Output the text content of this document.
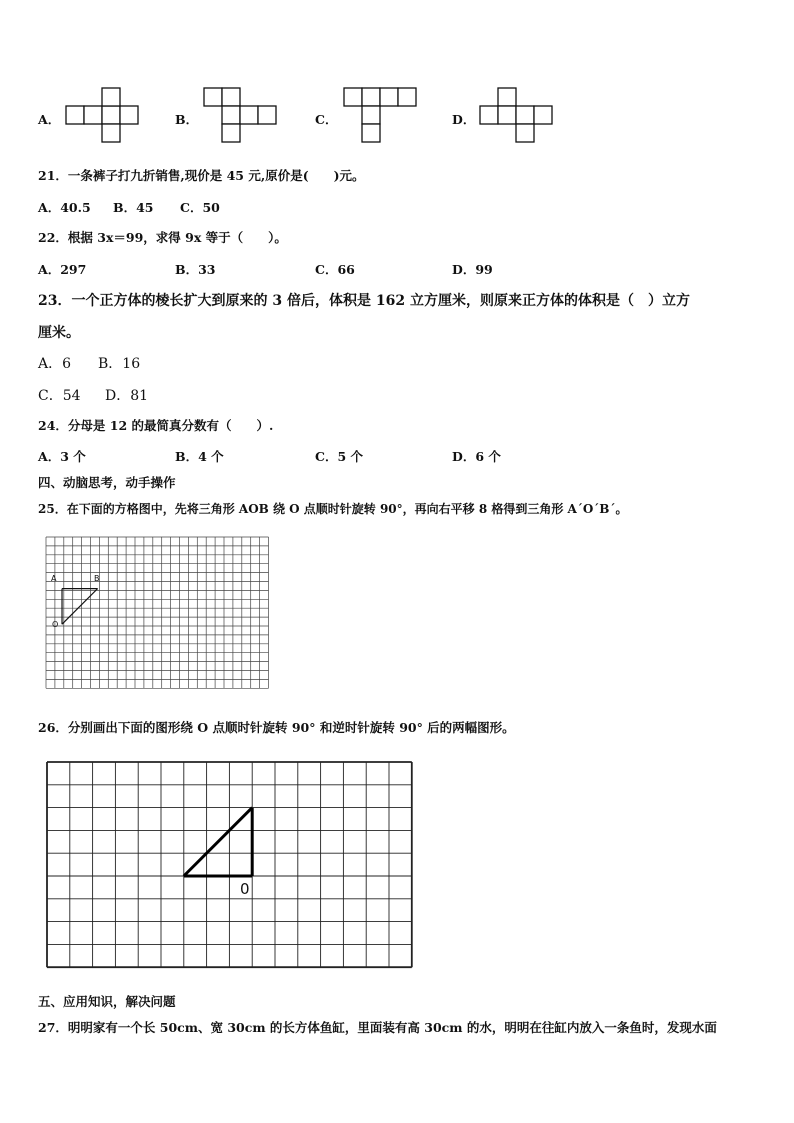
A．	B．	C．	D．
21．一条裤子打九折销售,现价是 45 元,原价是(　　)元。
A．40.5 B．45 C．50
22．根据 3x＝99，求得 9x 等于（　　）。
A．297	B．33	C．66	D．99
23．一个正方体的棱长扩大到原来的 3 倍后，体积是 162 立方厘米，则原来正方体的体积是（　）立方
厘米。
A．6 B．16
C．54 D．81
24．分母是 12 的最简真分数有（　　）.
A．3 个	B．4 个	C．5 个	D．6 个
四、动脑思考，动手操作
25．在下面的方格图中，先将三角形 AOB 绕 O 点顺时针旋转 90°，再向右平移 8 格得到三角形 A´O´B´。
A	B
O
26．分别画出下面的图形绕 O 点顺时针旋转 90° 和逆时针旋转 90° 后的两幅图形。
0
五、应用知识，解决问题
27．明明家有一个长 50cm、宽 30cm 的长方体鱼缸，里面装有高 30cm 的水，明明在往缸内放入一条鱼时，发现水面
